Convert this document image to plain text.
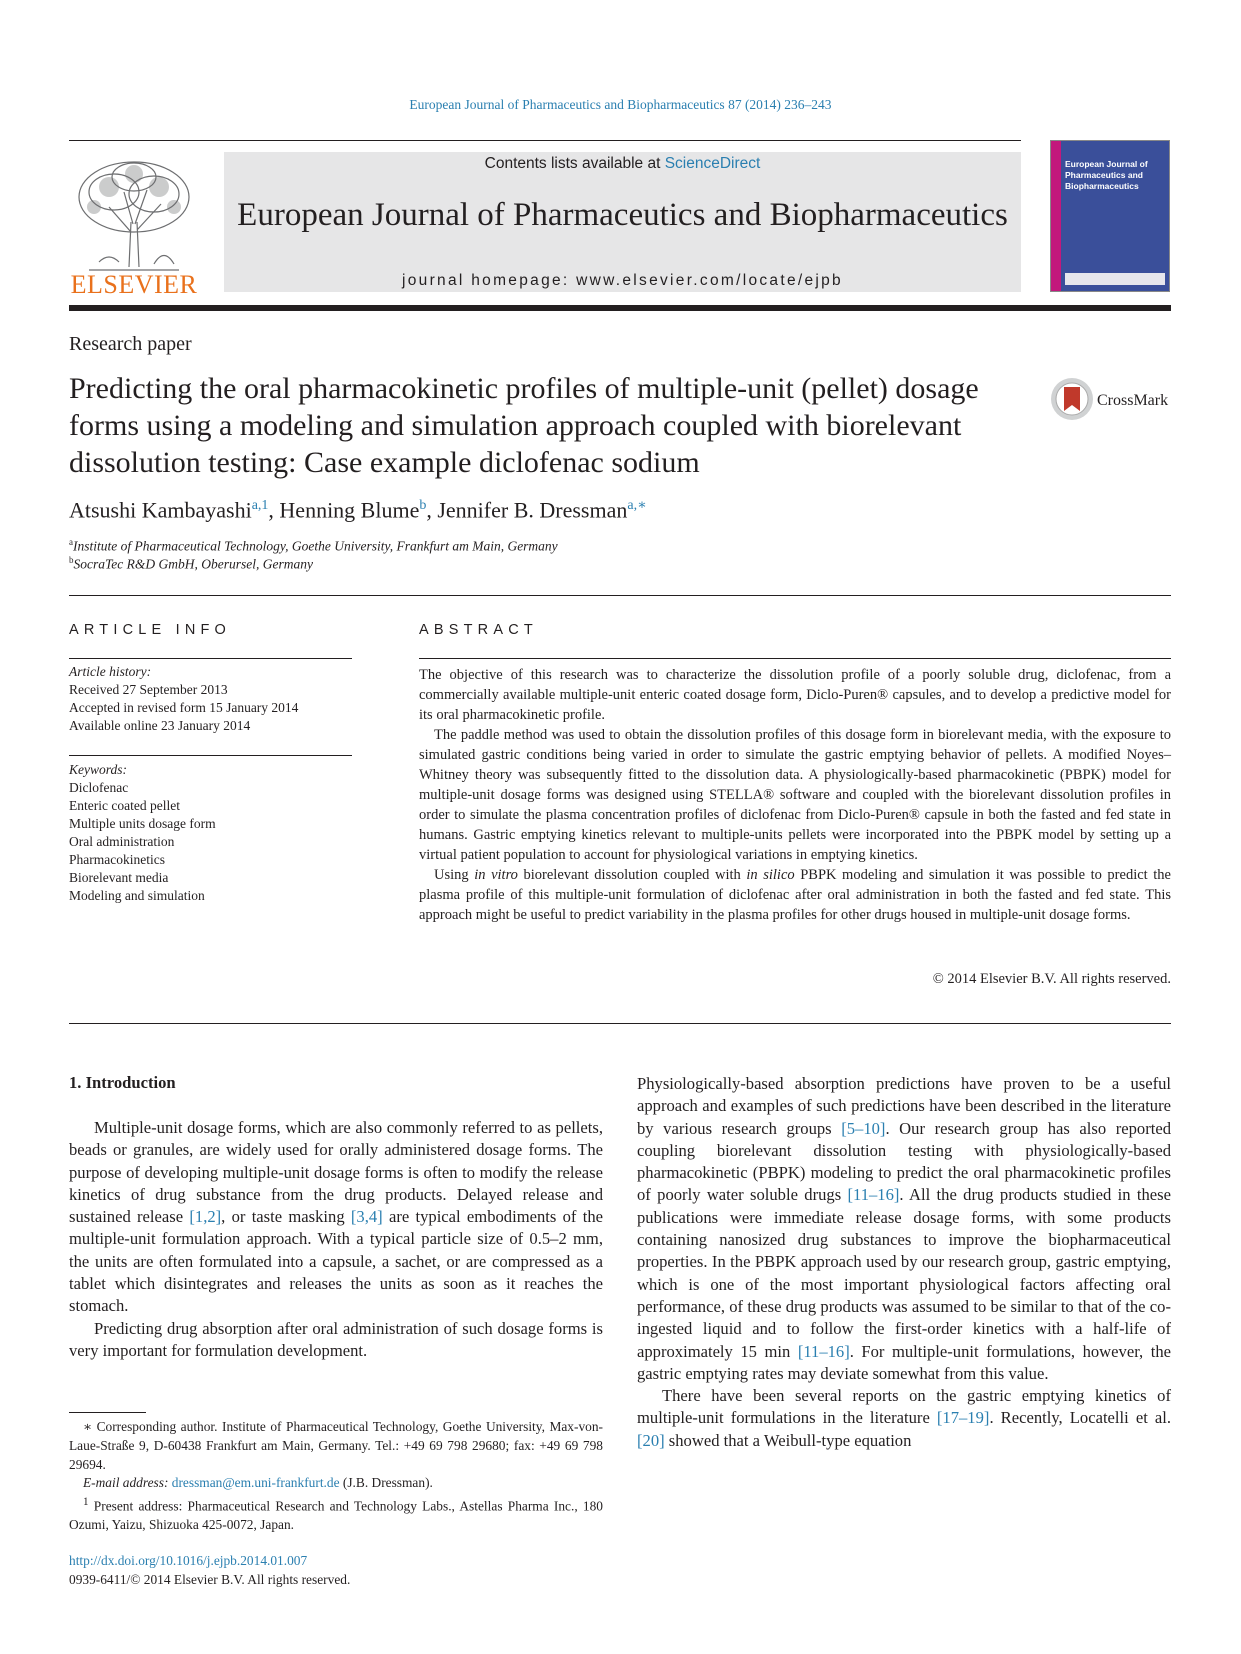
European Journal of Pharmaceutics and Biopharmaceutics 87 (2014) 236–243
ELSEVIER
Contents lists available at ScienceDirect
European Journal of Pharmaceutics and Biopharmaceutics
journal homepage: www.elsevier.com/locate/ejpb
European Journal of Pharmaceutics and Biopharmaceutics
Research paper
Predicting the oral pharmacokinetic profiles of multiple-unit (pellet) dosage forms using a modeling and simulation approach coupled with biorelevant dissolution testing: Case example diclofenac sodium
CrossMark
Atsushi Kambayashi$^{a,1}$, Henning Blume$^b$, Jennifer B. Dressman$^{a,∗}$
$^a$Institute of Pharmaceutical Technology, Goethe University, Frankfurt am Main, Germany
$^b$SocraTec R&D GmbH, Oberursel, Germany
ARTICLE INFO
Article history:
Received 27 September 2013
Accepted in revised form 15 January 2014
Available online 23 January 2014
Keywords:
Diclofenac
Enteric coated pellet
Multiple units dosage form
Oral administration
Pharmacokinetics
Biorelevant media
Modeling and simulation
ABSTRACT

The objective of this research was to characterize the dissolution profile of a poorly soluble drug, diclofenac, from a commercially available multiple-unit enteric coated dosage form, Diclo-Puren® capsules, and to develop a predictive model for its oral pharmacokinetic profile.

The paddle method was used to obtain the dissolution profiles of this dosage form in biorelevant media, with the exposure to simulated gastric conditions being varied in order to simulate the gastric emptying behavior of pellets. A modified Noyes–Whitney theory was subsequently fitted to the dissolution data. A physiologically-based pharmacokinetic (PBPK) model for multiple-unit dosage forms was designed using STELLA® software and coupled with the biorelevant dissolution profiles in order to simulate the plasma concentration profiles of diclofenac from Diclo-Puren® capsule in both the fasted and fed state in humans. Gastric emptying kinetics relevant to multiple-units pellets were incorporated into the PBPK model by setting up a virtual patient population to account for physiological variations in emptying kinetics.

Using in vitro biorelevant dissolution coupled with in silico PBPK modeling and simulation it was possible to predict the plasma profile of this multiple-unit formulation of diclofenac after oral administration in both the fasted and fed state. This approach might be useful to predict variability in the plasma profiles for other drugs housed in multiple-unit dosage forms.

© 2014 Elsevier B.V. All rights reserved.
1. Introduction

Multiple-unit dosage forms, which are also commonly referred to as pellets, beads or granules, are widely used for orally administered dosage forms. The purpose of developing multiple-unit dosage forms is often to modify the release kinetics of drug substance from the drug products. Delayed release and sustained release [1,2], or taste masking [3,4] are typical embodiments of the multiple-unit formulation approach. With a typical particle size of 0.5–2 mm, the units are often formulated into a capsule, a sachet, or are compressed as a tablet which disintegrates and releases the units as soon as it reaches the stomach.

Predicting drug absorption after oral administration of such dosage forms is very important for formulation development.

Physiologically-based absorption predictions have proven to be a useful approach and examples of such predictions have been described in the literature by various research groups [5–10]. Our research group has also reported coupling biorelevant dissolution testing with physiologically-based pharmacokinetic (PBPK) modeling to predict the oral pharmacokinetic profiles of poorly water soluble drugs [11–16]. All the drug products studied in these publications were immediate release dosage forms, with some products containing nanosized drug substances to improve the biopharmaceutical properties. In the PBPK approach used by our research group, gastric emptying, which is one of the most important physiological factors affecting oral performance, of these drug products was assumed to be similar to that of the co-ingested liquid and to follow the first-order kinetics with a half-life of approximately 15 min [11–16]. For multiple-unit formulations, however, the gastric emptying rates may deviate somewhat from this value.

There have been several reports on the gastric emptying kinetics of multiple-unit formulations in the literature [17–19]. Recently, Locatelli et al. [20] showed that a Weibull-type equation

∗ Corresponding author. Institute of Pharmaceutical Technology, Goethe University, Max-von-Laue-Straße 9, D-60438 Frankfurt am Main, Germany. Tel.: +49 69 798 29680; fax: +49 69 798 29694.

E-mail address: dressman@em.uni-frankfurt.de (J.B. Dressman).

$^1$ Present address: Pharmaceutical Research and Technology Labs., Astellas Pharma Inc., 180 Ozumi, Yaizu, Shizuoka 425-0072, Japan.

http://dx.doi.org/10.1016/j.ejpb.2014.01.007
0939-6411/© 2014 Elsevier B.V. All rights reserved.
